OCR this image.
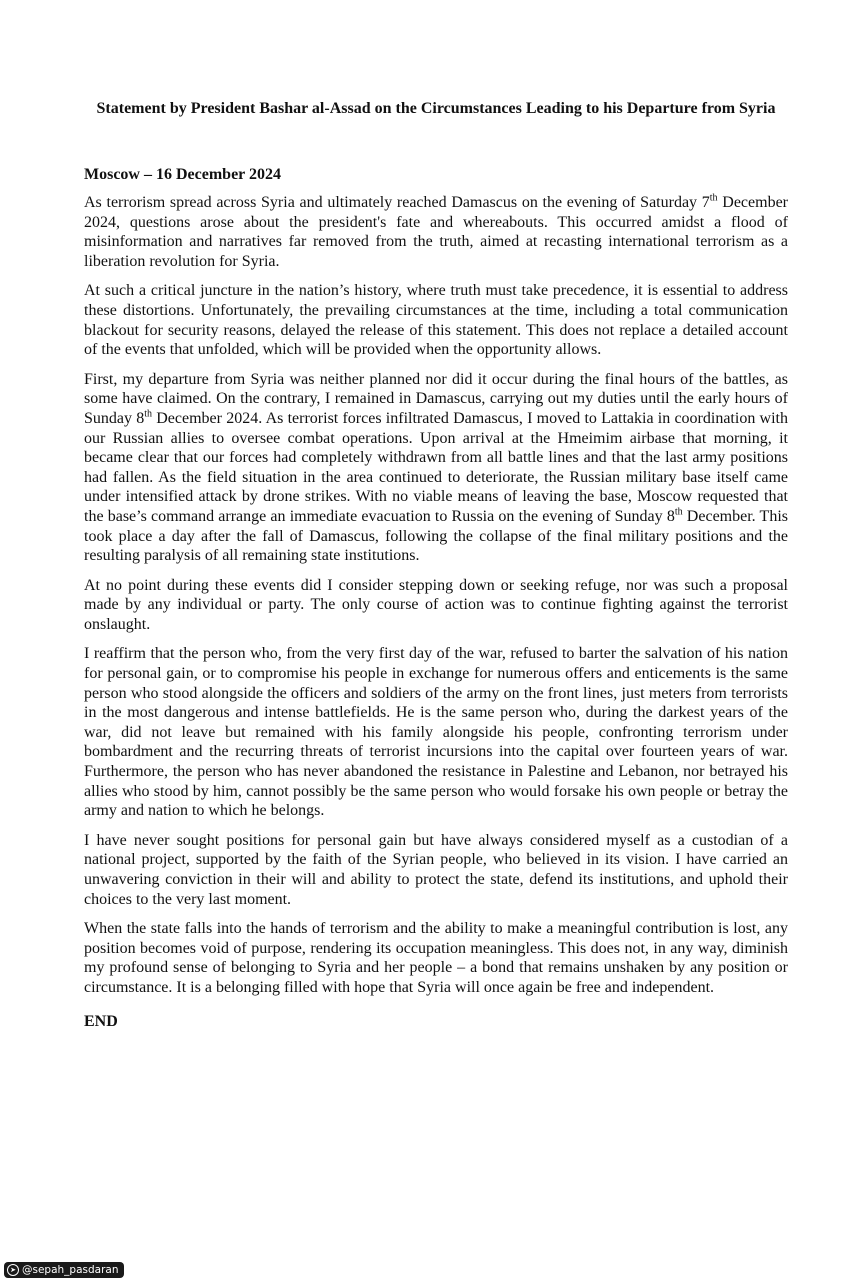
Statement by President Bashar al-Assad on the Circumstances Leading to his Departure from Syria
Moscow – 16 December 2024

As terrorism spread across Syria and ultimately reached Damascus on the evening of Saturday 7th December 2024, questions arose about the president's fate and whereabouts. This occurred amidst a flood of misinformation and narratives far removed from the truth, aimed at recasting international terrorism as a liberation revolution for Syria.

At such a critical juncture in the nation’s history, where truth must take precedence, it is essential to address these distortions. Unfortunately, the prevailing circumstances at the time, including a total communication blackout for security reasons, delayed the release of this statement. This does not replace a detailed account of the events that unfolded, which will be provided when the opportunity allows.

First, my departure from Syria was neither planned nor did it occur during the final hours of the battles, as some have claimed. On the contrary, I remained in Damascus, carrying out my duties until the early hours of Sunday 8th December 2024. As terrorist forces infiltrated Damascus, I moved to Lattakia in coordination with our Russian allies to oversee combat operations. Upon arrival at the Hmeimim airbase that morning, it became clear that our forces had completely withdrawn from all battle lines and that the last army positions had fallen. As the field situation in the area continued to deteriorate, the Russian military base itself came under intensified attack by drone strikes. With no viable means of leaving the base, Moscow requested that the base’s command arrange an immediate evacuation to Russia on the evening of Sunday 8th December. This took place a day after the fall of Damascus, following the collapse of the final military positions and the resulting paralysis of all remaining state institutions.

At no point during these events did I consider stepping down or seeking refuge, nor was such a proposal made by any individual or party. The only course of action was to continue fighting against the terrorist onslaught.

I reaffirm that the person who, from the very first day of the war, refused to barter the salvation of his nation for personal gain, or to compromise his people in exchange for numerous offers and enticements is the same person who stood alongside the officers and soldiers of the army on the front lines, just meters from terrorists in the most dangerous and intense battlefields. He is the same person who, during the darkest years of the war, did not leave but remained with his family alongside his people, confronting terrorism under bombardment and the recurring threats of terrorist incursions into the capital over fourteen years of war. Furthermore, the person who has never abandoned the resistance in Palestine and Lebanon, nor betrayed his allies who stood by him, cannot possibly be the same person who would forsake his own people or betray the army and nation to which he belongs.

I have never sought positions for personal gain but have always considered myself as a custodian of a national project, supported by the faith of the Syrian people, who believed in its vision. I have carried an unwavering conviction in their will and ability to protect the state, defend its institutions, and uphold their choices to the very last moment.

When the state falls into the hands of terrorism and the ability to make a meaningful contribution is lost, any position becomes void of purpose, rendering its occupation meaningless. This does not, in any way, diminish my profound sense of belonging to Syria and her people – a bond that remains unshaken by any position or circumstance. It is a belonging filled with hope that Syria will once again be free and independent.

END

➤ @sepah_pasdaran
